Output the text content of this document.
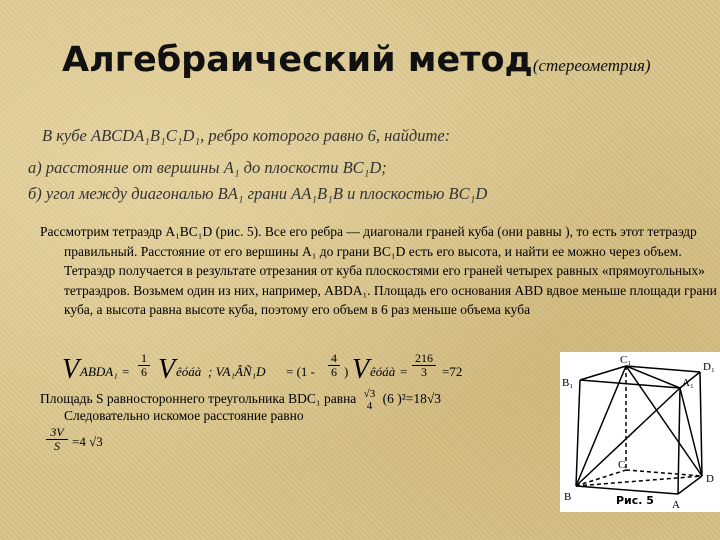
Алгебраический метод(стереометрия)
В кубе ABCDA₁B₁C₁D₁, ребро которого равно 6, найдите:
а) расстояние от вершины A₁ до плоскости BC₁D;
б) угол между диагональю BA₁ грани AA₁B₁B и плоскостью BC₁D
Рассмотрим тетраэдр A₁BC₁D (рис. 5). Все его ребра — диагонали граней куба (они равны ), то есть этот тетраэдр правильный. Расстояние от его вершины A₁ до грани BC₁D есть его высота, и найти ее можно через объем. Тетраэдр получается в результате отрезания от куба плоскостями его граней четырех равных «прямоугольных» тетраэдров. Возьмем один из них, например, ABDA₁. Площадь его основания ABD вдвое меньше площади грани куба, а высота равна высоте куба, поэтому его объем в 6 раз меньше объема куба
V ABDA₁ = $\frac{1}{6}$ V êóáà ; VA₁ÂÑ₁D = ($1 - \frac{4}{6}$ ) V êóáà = $\frac{216}{3} =72$
Площадь S равностороннего треугольника BDC₁ равна √3
4 (6 )²=18√3
Следовательно искомое расстояние равно
$\frac{3V}{S} =4$ √3
C₁
D₁
B₁	A₁
C
D
B
A
Рис. 5
